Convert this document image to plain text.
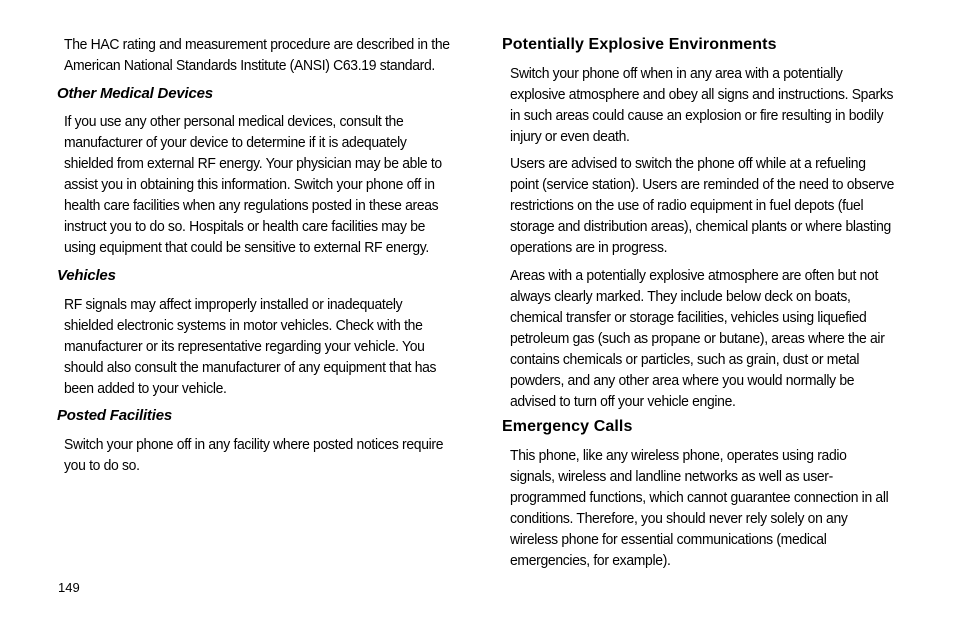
The HAC rating and measurement procedure are described in the
American National Standards Institute (ANSI) C63.19 standard.
Other Medical Devices
If you use any other personal medical devices, consult the
manufacturer of your device to determine if it is adequately
shielded from external RF energy. Your physician may be able to
assist you in obtaining this information. Switch your phone off in
health care facilities when any regulations posted in these areas
instruct you to do so. Hospitals or health care facilities may be
using equipment that could be sensitive to external RF energy.
Vehicles
RF signals may affect improperly installed or inadequately
shielded electronic systems in motor vehicles. Check with the
manufacturer or its representative regarding your vehicle. You
should also consult the manufacturer of any equipment that has
been added to your vehicle.
Posted Facilities
Switch your phone off in any facility where posted notices require
you to do so.
Potentially Explosive Environments
Switch your phone off when in any area with a potentially
explosive atmosphere and obey all signs and instructions. Sparks
in such areas could cause an explosion or fire resulting in bodily
injury or even death.
Users are advised to switch the phone off while at a refueling
point (service station). Users are reminded of the need to observe
restrictions on the use of radio equipment in fuel depots (fuel
storage and distribution areas), chemical plants or where blasting
operations are in progress.
Areas with a potentially explosive atmosphere are often but not
always clearly marked. They include below deck on boats,
chemical transfer or storage facilities, vehicles using liquefied
petroleum gas (such as propane or butane), areas where the air
contains chemicals or particles, such as grain, dust or metal
powders, and any other area where you would normally be
advised to turn off your vehicle engine.
Emergency Calls
This phone, like any wireless phone, operates using radio
signals, wireless and landline networks as well as user-
programmed functions, which cannot guarantee connection in all
conditions. Therefore, you should never rely solely on any
wireless phone for essential communications (medical
emergencies, for example).
149
